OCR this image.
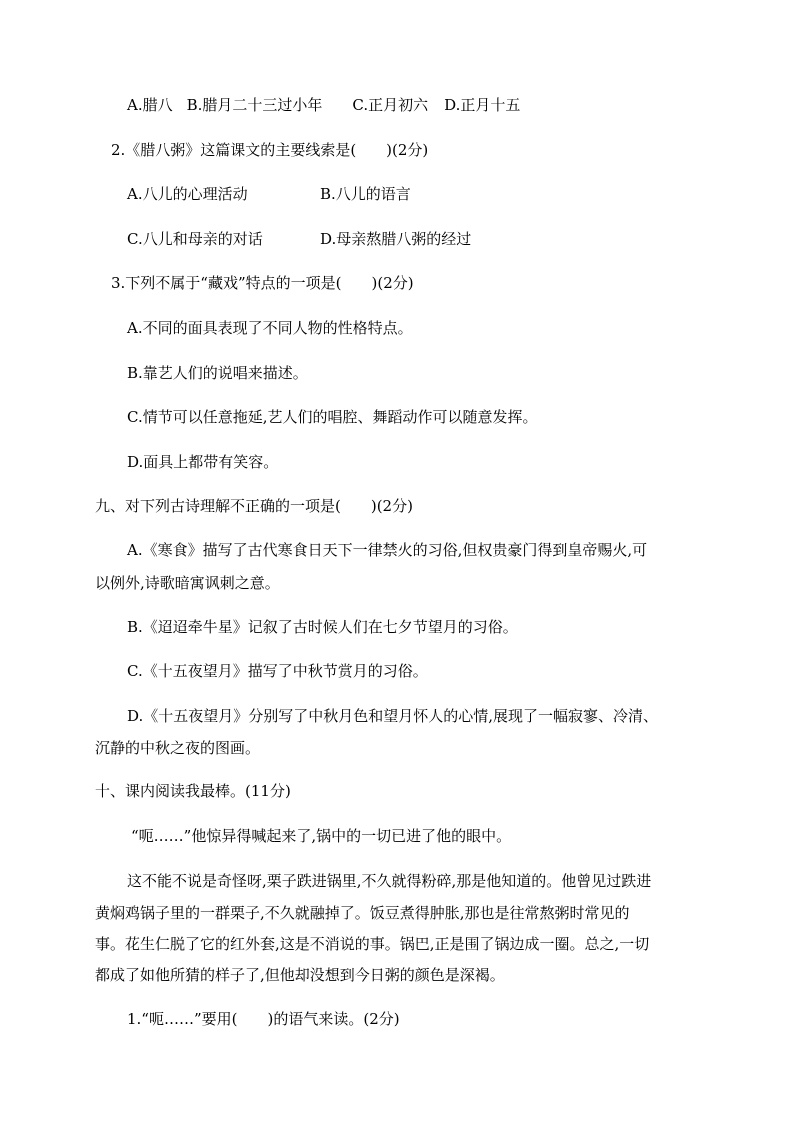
A.腊八 B.腊月二十三过小年 C.正月初六 D.正月十五
2.《腊八粥》这篇课文的主要线索是(　　)(2分)
A.八儿的心理活动	B.八儿的语言
C.八儿和母亲的对话	D.母亲熬腊八粥的经过
3.下列不属于“藏戏”特点的一项是(　　)(2分)
A.不同的面具表现了不同人物的性格特点。
B.靠艺人们的说唱来描述。
C.情节可以任意拖延,艺人们的唱腔、舞蹈动作可以随意发挥。
D.面具上都带有笑容。
九、对下列古诗理解不正确的一项是(　　)(2分)
A.《寒食》描写了古代寒食日天下一律禁火的习俗,但权贵豪门得到皇帝赐火,可
以例外,诗歌暗寓讽刺之意。
B.《迢迢牵牛星》记叙了古时候人们在七夕节望月的习俗。
C.《十五夜望月》描写了中秋节赏月的习俗。
D.《十五夜望月》分别写了中秋月色和望月怀人的心情,展现了一幅寂寥、冷清、
沉静的中秋之夜的图画。
十、课内阅读我最棒。(11分)
“呃……”他惊异得喊起来了,锅中的一切已进了他的眼中。
这不能不说是奇怪呀,栗子跌进锅里,不久就得粉碎,那是他知道的。他曾见过跌进
黄焖鸡锅子里的一群栗子,不久就融掉了。饭豆煮得肿胀,那也是往常熬粥时常见的
事。花生仁脱了它的红外套,这是不消说的事。锅巴,正是围了锅边成一圈。总之,一切
都成了如他所猜的样子了,但他却没想到今日粥的颜色是深褐。
1.“呃……”要用(　　)的语气来读。(2分)
